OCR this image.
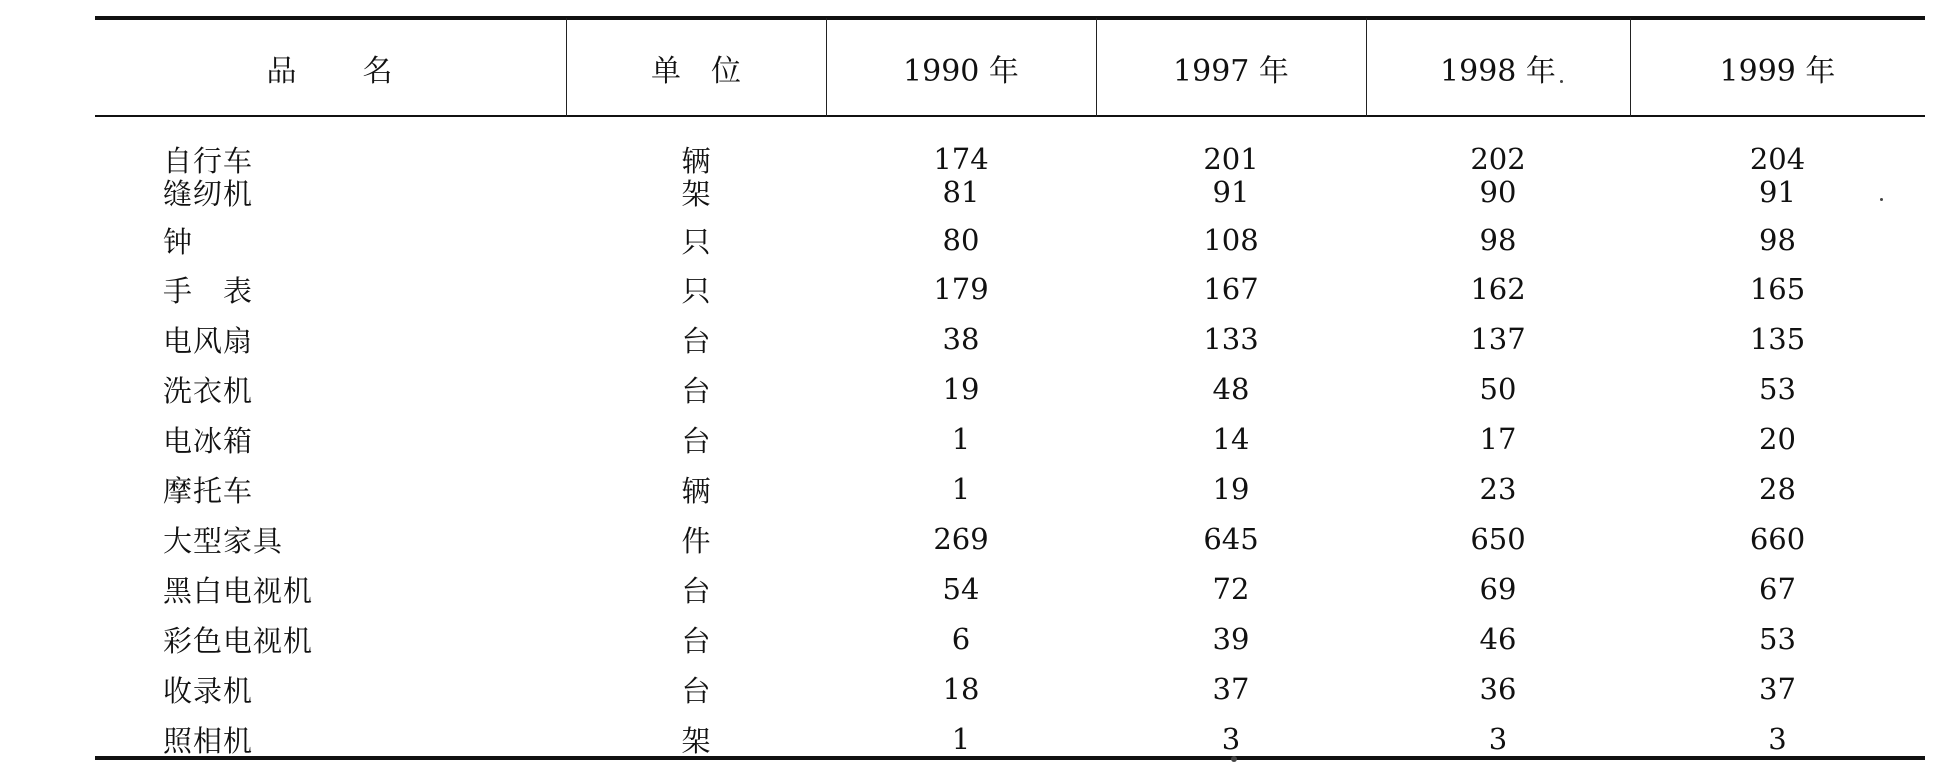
品　　名	单　位	1990 年	1997 年	1998 年	1999 年
自行车	辆	174	201	202	204
缝纫机	架	81	91	90	91
钟	只	80	108	98	98
手　表	只	179	167	162	165
电风扇	台	38	133	137	135
洗衣机	台	19	48	50	53
电冰箱	台	1	14	17	20
摩托车	辆	1	19	23	28
大型家具	件	269	645	650	660
黑白电视机	台	54	72	69	67
彩色电视机	台	6	39	46	53
收录机	台	18	37	36	37
照相机	架	1	3	3	3
